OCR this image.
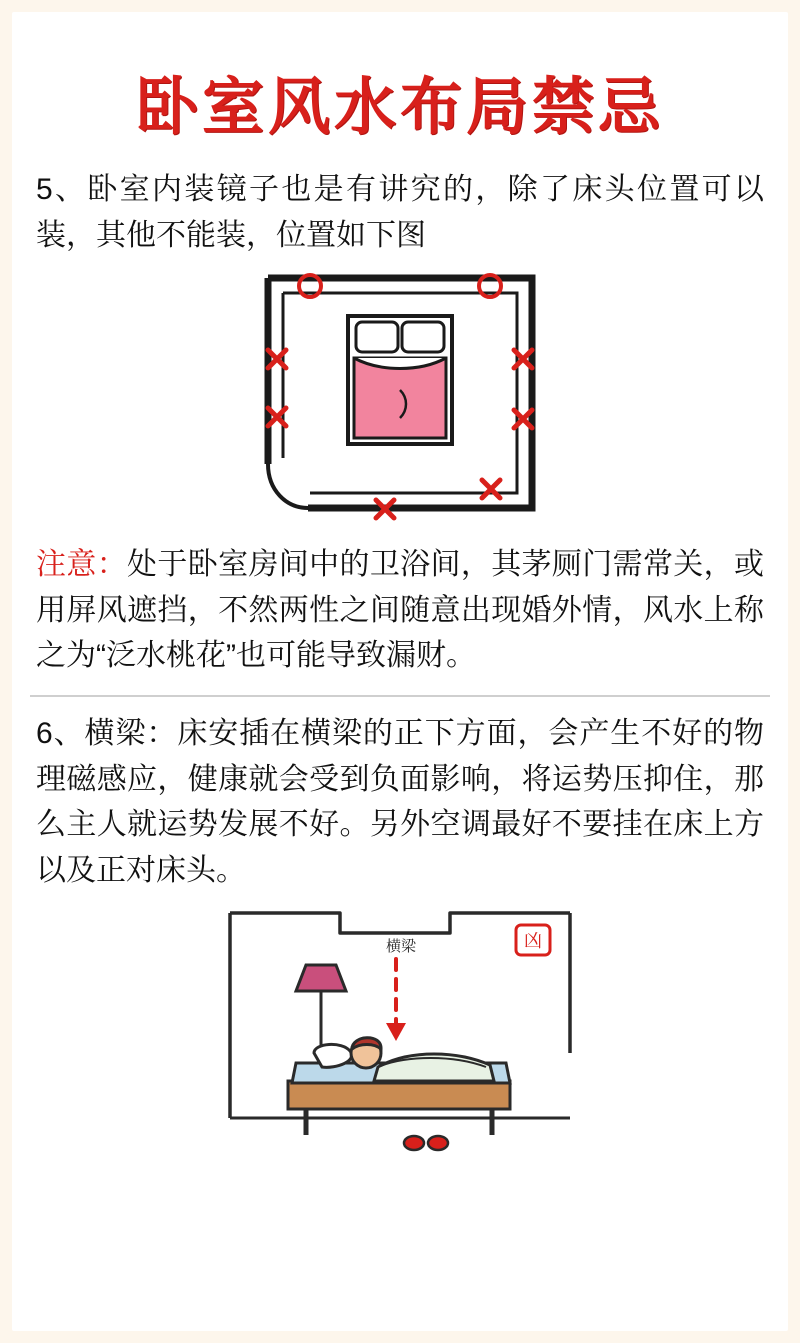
卧室风水布局禁忌

5、卧室内装镜子也是有讲究的，除了床头位置可以装，其他不能装，位置如下图

注意：处于卧室房间中的卫浴间，其茅厕门需常关，或用屏风遮挡，不然两性之间随意出现婚外情，风水上称之为“泛水桃花”也可能导致漏财。

6、横梁：床安插在横梁的正下方面，会产生不好的物理磁感应，健康就会受到负面影响，将运势压抑住，那么主人就运势发展不好。另外空调最好不要挂在床上方以及正对床头。

横梁	凶
